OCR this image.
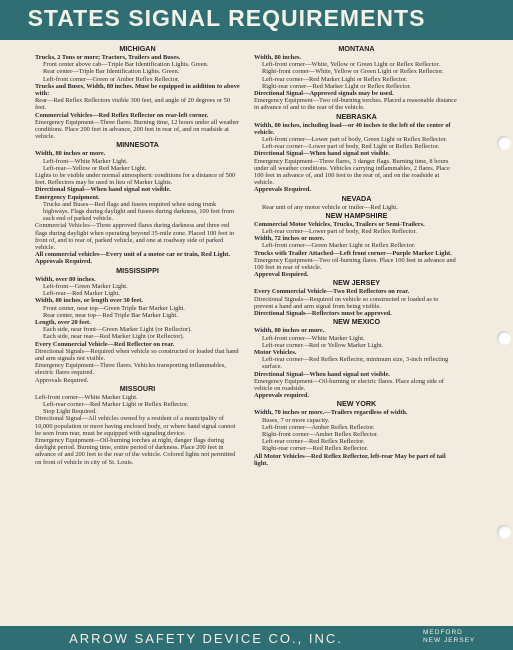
STATES SIGNAL REQUIREMENTS
MICHIGAN
Trucks, 2 Tons or more; Tractors, Trailers and Buses.
Front center above cab—Triple Bar Identification Lights. Green.
Rear center—Triple Bar Identification Lights. Green.
Left-front corner—Green or Amber Reflex Reflector.
Trucks and Buses, Width, 80 inches. Must be equipped in addition to above with:
Rear—Red Reflex Reflectors visible 300 feet, and angle of 20 degrees or 50 feet.
Commercial Vehicles—Red Reflex Reflector on rear-left corner.
Emergency Equipment—Three flares. Burning time, 12 hours under all weather conditions. Place 200 feet in advance, 200 feet in rear of, and on roadside at vehicle.
MINNESOTA
Width, 80 inches or more.
Left-front—White Marker Light.
Left-rear—Yellow or Red Marker Light.
Lights to be visible under normal atmospheric conditions for a distance of 500 feet. Reflectors may be used in lieu of Marker Lights.
Directional Signal—When hand signal not visible.
Emergency Equipment.
Trucks and Buses—Red flags and fusees required when using trunk highways. Flags during daylight and fusees during darkness, 100 feet from each end of parked vehicle.
Commercial Vehicles—Three approved flares during darkness and three red flags during daylight when operating beyond 35-mile zone. Placed 100 feet in front of, and to rear of, parked vehicle, and one at roadway side of parked vehicle.
All commercial vehicles—Every unit of a motor car or train, Red Light.
Approvals Required.
MISSISSIPPI
Width, over 80 inches.
Left-front—Green Marker Light.
Left-rear—Red Marker Light.
Width, 80 inches, or length over 30 feet.
Front center, near top—Green Triple Bar Marker Light.
Rear center, near top—Red Triple Bar Marker Light.
Length, over 20 feet.
Each side, near front—Green Marker Light (or Reflector).
Each side, near rear—Red Marker Light (or Reflector).
Every Commercial Vehicle—Red Reflector on rear.
Directional Signals—Required when vehicle so constructed or loaded that hand and arm signals not visible.
Emergency Equipment—Three flares. Vehicles transporting inflammables, electric flares required.
Approvals Required.
MISSOURI
Left-front corner—White Marker Light.
Left-rear corner—Red Marker Light or Reflex Reflector.
Stop Light Required.
Directional Signal—All vehicles owned by a resident of a municipality of 10,000 population or more having enclosed body, or where hand signal cannot be seen from rear, must be equipped with signaling device.
Emergency Equipment—Oil-burning torches at night, danger flags during daylight period. Burning time, entire period of darkness. Place 200 feet in advance of and 200 feet to the rear of the vehicle. Colored lights not permitted on front of vehicle in city of St. Louis.
MONTANA
Width, 80 inches.
Left-front corner—White, Yellow or Green Light or Reflex Reflector.
Right-front corner—White, Yellow or Green Light or Reflex Reflector.
Left-rear corner—Red Marker Light or Reflex Reflector.
Right-rear corner—Red Marker Light or Reflex Reflector.
Directional Signal—Approved signals may be used.
Emergency Equipment—Two oil-burning torches. Placed a reasonable distance in advance of and to the rear of the vehicle.
NEBRASKA
Width, 80 inches, including load—or 40 inches to the left of the center of vehicle.
Left-front corner—Lower part of body, Green Light or Reflex Reflector.
Left-rear corner—Lower part of body, Red Light or Reflex Reflector.
Directional Signal—When hand signal not visible.
Emergency Equipment—Three flares, 3 danger flags. Burning time, 8 hours under all weather conditions. Vehicles carrying inflammables, 2 flares. Place 100 feet in advance of, and 100 feet to the rear of, and on the roadside at vehicle.
Approvals Required.
NEVADA
Rear unit of any motor vehicle or trailer—Red Light.
NEW HAMPSHIRE
Commercial Motor Vehicles, Trucks, Trailers or Semi-Trailers.
Left-rear corner—Lower part of body, Red Reflex Reflector.
Width, 72 inches or more.
Left-front corner—Green Marker Light or Reflex Reflector.
Trucks with Trailer Attached—Left front corner—Purple Marker Light.
Emergency Equipment—Two oil-burning flares. Place 100 feet in advance and 100 feet in rear of vehicle.
Approval Required.
NEW JERSEY
Every Commercial Vehicle—Two Red Reflectors on rear.
Directional Signals—Required on vehicle so constructed or loaded as to prevent a hand and arm signal from being visible.
Directional Signals—Reflectors must be approved.
NEW MEXICO
Width, 80 inches or more.
Left-front corner—White Marker Light.
Left-rear corner—Red or Yellow Marker Light.
Motor Vehicles.
Left-rear corner—Red Reflex Reflector, minimum size, 3-inch reflecting surface.
Directional Signal—When hand signal not visible.
Emergency Equipment—Oil-burning or electric flares. Place along side of vehicle on roadside.
Approvals required.
NEW YORK
Width, 70 inches or more.—Trailers regardless of width.
Buses, 7 or more capacity.
Left-front corner—Amber Reflex Reflector.
Right-front corner—Amber Reflex Reflector.
Left-rear corner—Red Reflex Reflector.
Right-rear corner—Red Reflex Reflector.
All Motor Vehicles—Red Reflex Reflector, left-rear May be part of tail light.
ARROW SAFETY DEVICE CO., INC.	MEDFORD
NEW JERSEY
